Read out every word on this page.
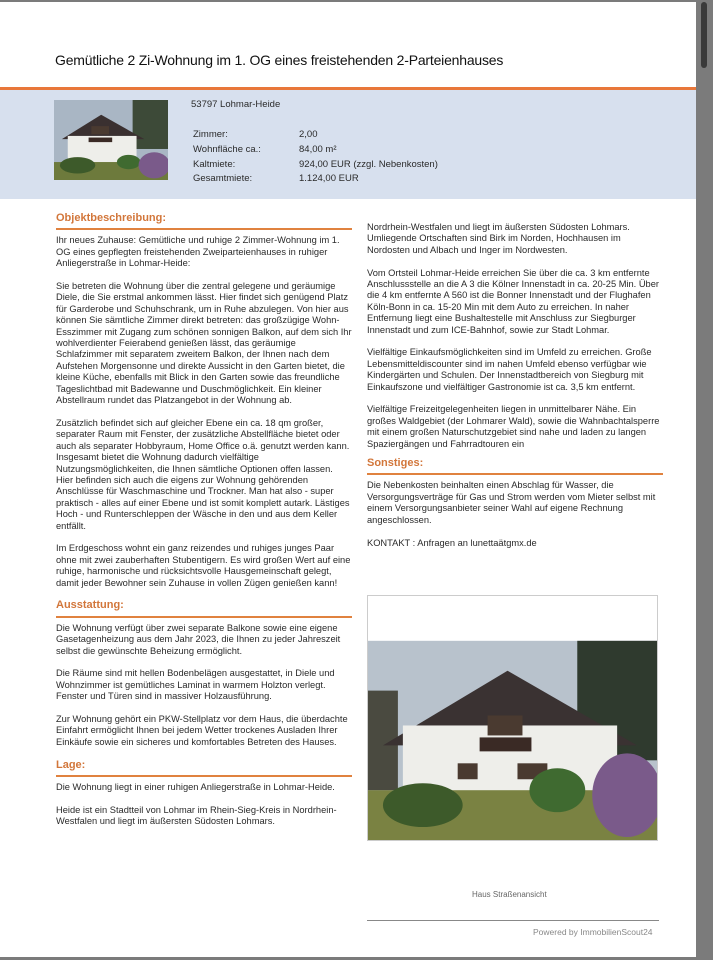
Gemütliche 2 Zi-Wohnung im 1. OG eines freistehenden 2-Parteienhauses
53797 Lohmar-Heide
Zimmer:	2,00
Wohnfläche ca.:	84,00 m²
Kaltmiete:	924,00 EUR (zzgl. Nebenkosten)
Gesamtmiete:	1.124,00 EUR
Objektbeschreibung:

Ihr neues Zuhause: Gemütliche und ruhige 2 Zimmer-Wohnung im 1. OG eines gepflegten freistehenden Zweiparteienhauses in ruhiger Anliegerstraße in Lohmar-Heide:

Sie betreten die Wohnung über die zentral gelegene und geräumige Diele, die Sie erstmal ankommen lässt. Hier findet sich genügend Platz für Garderobe und Schuhschrank, um in Ruhe abzulegen. Von hier aus können Sie sämtliche Zimmer direkt betreten: das großzügige Wohn-Esszimmer mit Zugang zum schönen sonnigen Balkon, auf dem sich Ihr wohlverdienter Feierabend genießen lässt, das geräumige Schlafzimmer mit separatem zweitem Balkon, der Ihnen nach dem Aufstehen Morgensonne und direkte Aussicht in den Garten bietet, die kleine Küche, ebenfalls mit Blick in den Garten sowie das freundliche Tageslichtbad mit Badewanne und Duschmöglichkeit. Ein kleiner Abstellraum rundet das Platzangebot in der Wohnung ab.

Zusätzlich befindet sich auf gleicher Ebene ein ca. 18 qm großer, separater Raum mit Fenster, der zusätzliche Abstellfläche bietet oder auch als separater Hobbyraum, Home Office o.ä. genutzt werden kann. Insgesamt bietet die Wohnung dadurch vielfältige Nutzungsmöglichkeiten, die Ihnen sämtliche Optionen offen lassen. Hier befinden sich auch die eigens zur Wohnung gehörenden Anschlüsse für Waschmaschine und Trockner. Man hat also - super praktisch - alles auf einer Ebene und ist somit komplett autark. Lästiges Hoch - und Runterschleppen der Wäsche in den und aus dem Keller entfällt.

Im Erdgeschoss wohnt ein ganz reizendes und ruhiges junges Paar ohne mit zwei zauberhaften Stubentigern. Es wird großen Wert auf eine ruhige, harmonische und rücksichtsvolle Hausgemeinschaft gelegt, damit jeder Bewohner sein Zuhause in vollen Zügen genießen kann!

Ausstattung:

Die Wohnung verfügt über zwei separate Balkone sowie eine eigene Gasetagenheizung aus dem Jahr 2023, die Ihnen zu jeder Jahreszeit selbst die gewünschte Beheizung ermöglicht.

Die Räume sind mit hellen Bodenbelägen ausgestattet, in Diele und Wohnzimmer ist gemütliches Laminat in warmem Holzton verlegt. Fenster und Türen sind in massiver Holzausführung.

Zur Wohnung gehört ein PKW-Stellplatz vor dem Haus, die überdachte Einfahrt ermöglicht Ihnen bei jedem Wetter trockenes Ausladen Ihrer Einkäufe sowie ein sicheres und komfortables Betreten des Hauses.

Lage:

Die Wohnung liegt in einer ruhigen Anliegerstraße in Lohmar-Heide.

Heide ist ein Stadtteil von Lohmar im Rhein-Sieg-Kreis in Nordrhein-Westfalen und liegt im äußersten Südosten Lohmars.

Nordrhein-Westfalen und liegt im äußersten Südosten Lohmars. Umliegende Ortschaften sind Birk im Norden, Hochhausen im Nordosten und Albach und Inger im Nordwesten.

Vom Ortsteil Lohmar-Heide erreichen Sie über die ca. 3 km entfernte Anschlussstelle an die A 3 die Kölner Innenstadt in ca. 20-25 Min. Über die 4 km entfernte A 560 ist die Bonner Innenstadt und der Flughafen Köln-Bonn in ca. 15-20 Min mit dem Auto zu erreichen. In naher Entfernung liegt eine Bushaltestelle mit Anschluss zur Siegburger Innenstadt und zum ICE-Bahnhof, sowie zur Stadt Lohmar.

Vielfältige Einkaufsmöglichkeiten sind im Umfeld zu erreichen. Große Lebensmitteldiscounter sind im nahen Umfeld ebenso verfügbar wie Kindergärten und Schulen. Der Innenstadtbereich von Siegburg mit Einkaufszone und vielfältiger Gastronomie ist ca. 3,5 km entfernt.

Vielfältige Freizeitgelegenheiten liegen in unmittelbarer Nähe. Ein großes Waldgebiet (der Lohmarer Wald), sowie die Wahnbachtalsperre mit einem großen Naturschutzgebiet sind nahe und laden zu langen Spaziergängen und Fahrradtouren ein

Sonstiges:

Die Nebenkosten beinhalten einen Abschlag für Wasser, die Versorgungsverträge für Gas und Strom werden vom Mieter selbst mit einem Versorgungsanbieter seiner Wahl auf eigene Rechnung angeschlossen.

KONTAKT : Anfragen an lunettaätgmx.de

Haus Straßenansicht
Powered by ImmobilienScout24
